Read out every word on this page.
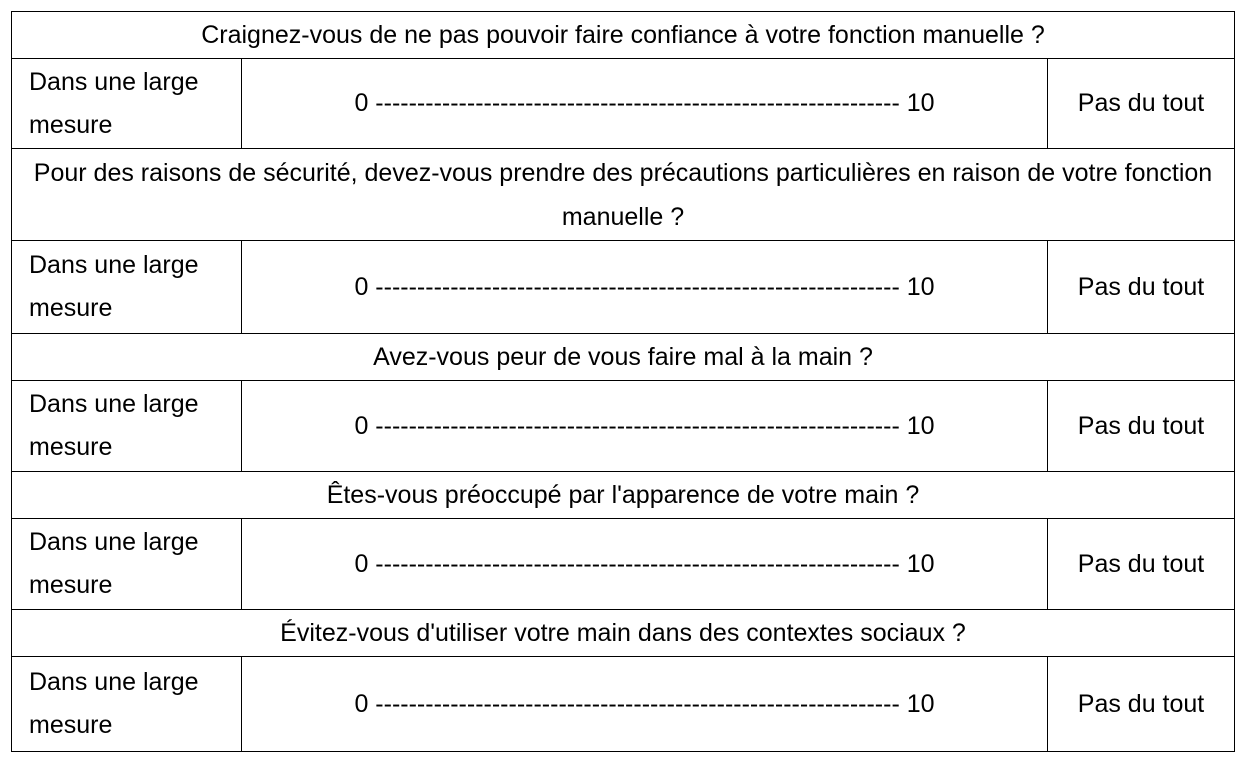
Craignez-vous de ne pas pouvoir faire confiance à votre fonction manuelle ?		
Dans une large mesure	0 --------------------------------------------------------------- 10	Pas du tout
Pour des raisons de sécurité, devez-vous prendre des précautions particulières en raison de votre fonction manuelle ?		
Dans une large mesure	0 --------------------------------------------------------------- 10	Pas du tout
Avez-vous peur de vous faire mal à la main ?		
Dans une large mesure	0 --------------------------------------------------------------- 10	Pas du tout
Êtes-vous préoccupé par l'apparence de votre main ?		
Dans une large mesure	0 --------------------------------------------------------------- 10	Pas du tout
Évitez-vous d'utiliser votre main dans des contextes sociaux ?		
Dans une large mesure	0 --------------------------------------------------------------- 10	Pas du tout
